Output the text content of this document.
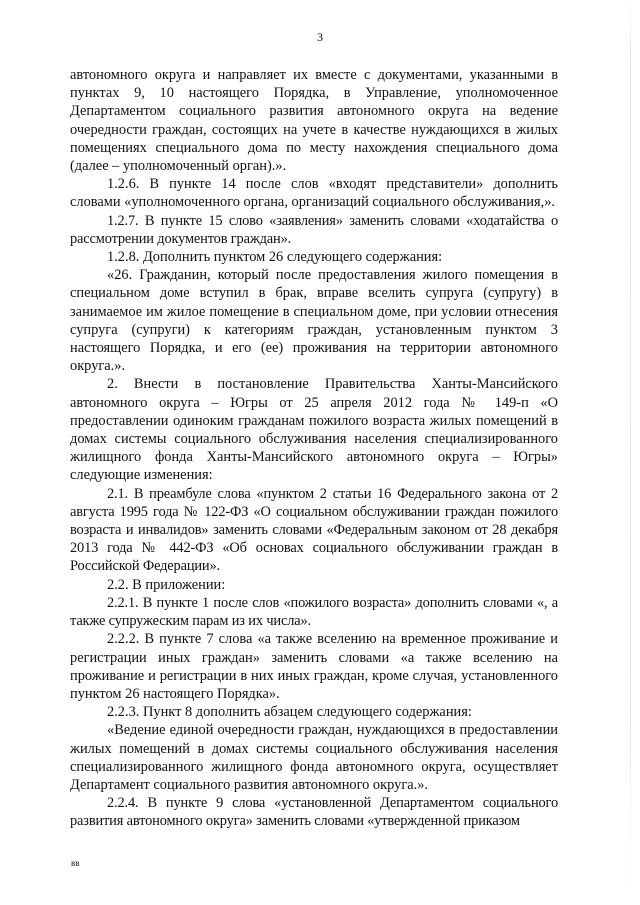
3

автономного округа и направляет их вместе с документами, указанными в пунктах 9, 10 настоящего Порядка, в Управление, уполномоченное Департаментом социального развития автономного округа на ведение очередности граждан, состоящих на учете в качестве нуждающихся в жилых помещениях специального дома по месту нахождения специального дома (далее – уполномоченный орган).».

1.2.6. В пункте 14 после слов «входят представители» дополнить словами «уполномоченного органа, организаций социального обслуживания,».

1.2.7. В пункте 15 слово «заявления» заменить словами «ходатайства о рассмотрении документов граждан».

1.2.8. Дополнить пунктом 26 следующего содержания:

«26. Гражданин, который после предоставления жилого помещения в специальном доме вступил в брак, вправе вселить супруга (супругу) в занимаемое им жилое помещение в специальном доме, при условии отнесения супруга (супруги) к категориям граждан, установленным пунктом 3 настоящего Порядка, и его (ее) проживания на территории автономного округа.».

2. Внести в постановление Правительства Ханты-Мансийского автономного округа – Югры от 25 апреля 2012 года № 149-п «О предоставлении одиноким гражданам пожилого возраста жилых помещений в домах системы социального обслуживания населения специализированного жилищного фонда Ханты-Мансийского автономного округа – Югры» следующие изменения:

2.1. В преамбуле слова «пунктом 2 статьи 16 Федерального закона от 2 августа 1995 года № 122-ФЗ «О социальном обслуживании граждан пожилого возраста и инвалидов» заменить словами «Федеральным законом от 28 декабря 2013 года № 442-ФЗ «Об основах социального обслуживании граждан в Российской Федерации».

2.2. В приложении:

2.2.1. В пункте 1 после слов «пожилого возраста» дополнить словами «, а также супружеским парам из их числа».

2.2.2. В пункте 7 слова «а также вселению на временное проживание и регистрации иных граждан» заменить словами «а также вселению на проживание и регистрации в них иных граждан, кроме случая, установленного пунктом 26 настоящего Порядка».

2.2.3. Пункт 8 дополнить абзацем следующего содержания:

«Ведение единой очередности граждан, нуждающихся в предоставлении жилых помещений в домах системы социального обслуживания населения специализированного жилищного фонда автономного округа, осуществляет Департамент социального развития автономного округа.».

2.2.4. В пункте 9 слова «установленной Департаментом социального развития автономного округа» заменить словами «утвержденной приказом

вв
